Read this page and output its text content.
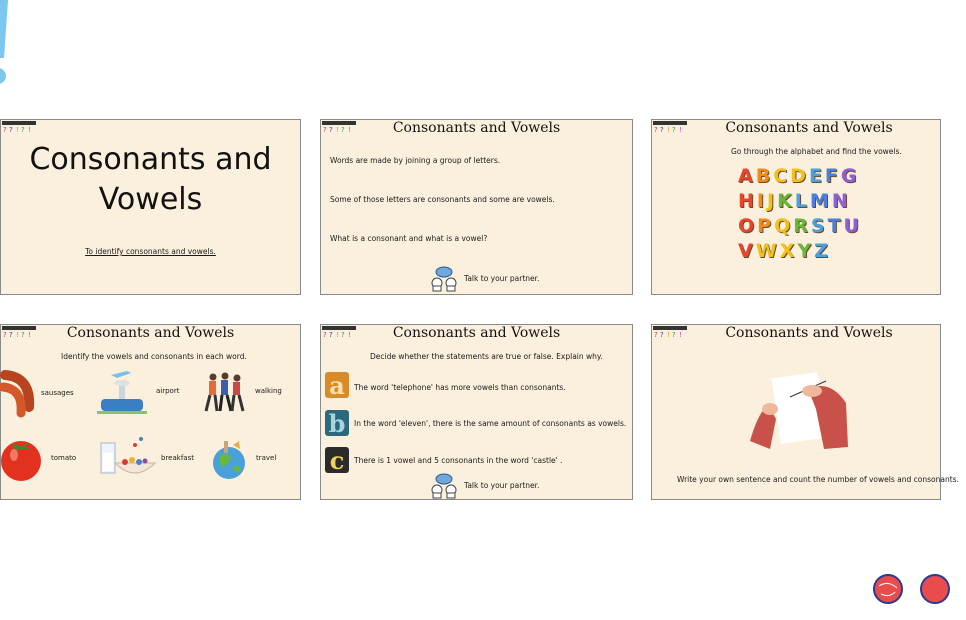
? ? ! ? !
Consonants and Vowels
To identify consonants and vowels.
? ? ! ? !	Consonants and Vowels
Words are made by joining a group of letters.
Some of those letters are consonants and some are vowels.
What is a consonant and what is a vowel?
Talk to your partner.
? ? ! ? !	Consonants and Vowels
Go through the alphabet and find the vowels.
A B C D E F G
H I J K L M N
O P Q R S T U
V W X Y Z
? ? ! ? !	Consonants and Vowels
Identify the vowels and consonants in each word.
sausages	airport	walking
tomato	breakfast	travel
? ? ! ? !	Consonants and Vowels
Decide whether the statements are true or false. Explain why.
a	The word 'telephone' has more vowels than consonants.
b	In the word 'eleven', there is the same amount of consonants as vowels.
c	There is 1 vowel and 5 consonants in the word 'castle' .
Talk to your partner.
? ? ! ? !	Consonants and Vowels
Write your own sentence and count the number of vowels and consonants.
